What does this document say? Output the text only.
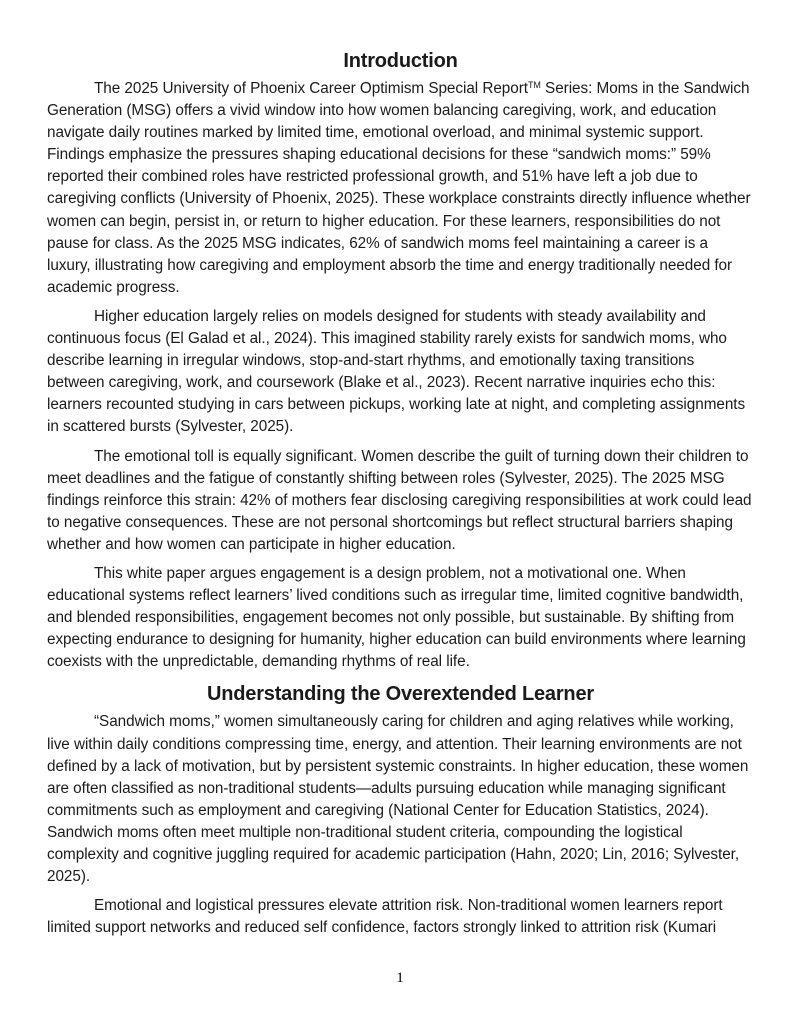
Introduction

The 2025 University of Phoenix Career Optimism Special Report™ Series: Moms in the Sandwich Generation (MSG) offers a vivid window into how women balancing caregiving, work, and education navigate daily routines marked by limited time, emotional overload, and minimal systemic support. Findings emphasize the pressures shaping educational decisions for these “sandwich moms:” 59% reported their combined roles have restricted professional growth, and 51% have left a job due to caregiving conflicts (University of Phoenix, 2025). These workplace constraints directly influence whether women can begin, persist in, or return to higher education. For these learners, responsibilities do not pause for class. As the 2025 MSG indicates, 62% of sandwich moms feel maintaining a career is a luxury, illustrating how caregiving and employment absorb the time and energy traditionally needed for academic progress.

Higher education largely relies on models designed for students with steady availability and continuous focus (El Galad et al., 2024). This imagined stability rarely exists for sandwich moms, who describe learning in irregular windows, stop-and-start rhythms, and emotionally taxing transitions between caregiving, work, and coursework (Blake et al., 2023). Recent narrative inquiries echo this: learners recounted studying in cars between pickups, working late at night, and completing assignments in scattered bursts (Sylvester, 2025).

The emotional toll is equally significant. Women describe the guilt of turning down their children to meet deadlines and the fatigue of constantly shifting between roles (Sylvester, 2025). The 2025 MSG findings reinforce this strain: 42% of mothers fear disclosing caregiving responsibilities at work could lead to negative consequences. These are not personal shortcomings but reflect structural barriers shaping whether and how women can participate in higher education.

This white paper argues engagement is a design problem, not a motivational one. When educational systems reflect learners’ lived conditions such as irregular time, limited cognitive bandwidth, and blended responsibilities, engagement becomes not only possible, but sustainable. By shifting from expecting endurance to designing for humanity, higher education can build environments where learning coexists with the unpredictable, demanding rhythms of real life.

Understanding the Overextended Learner

“Sandwich moms,” women simultaneously caring for children and aging relatives while working, live within daily conditions compressing time, energy, and attention. Their learning environments are not defined by a lack of motivation, but by persistent systemic constraints. In higher education, these women are often classified as non-traditional students—adults pursuing education while managing significant commitments such as employment and caregiving (National Center for Education Statistics, 2024). Sandwich moms often meet multiple non-traditional student criteria, compounding the logistical complexity and cognitive juggling required for academic participation (Hahn, 2020; Lin, 2016; Sylvester, 2025).

Emotional and logistical pressures elevate attrition risk. Non-traditional women learners report limited support networks and reduced self confidence, factors strongly linked to attrition risk (Kumari

1
